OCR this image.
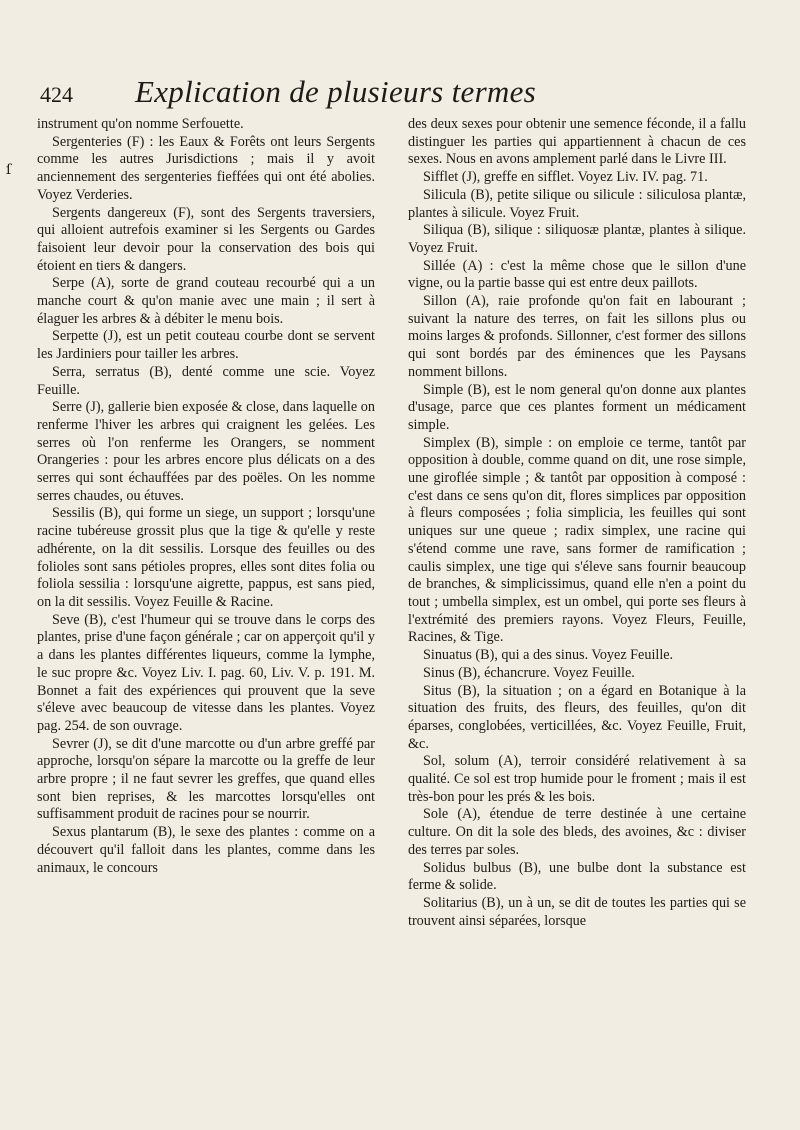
424 Explication de plusieurs termes
ſ

instrument qu'on nomme Serfouette.

Sergenteries (F) : les Eaux & Forêts ont leurs Sergents comme les autres Jurisdictions ; mais il y avoit anciennement des sergenteries fieffées qui ont été abolies. Voyez Verderies.

Sergents dangereux (F), sont des Sergents traversiers, qui alloient autrefois examiner si les Sergents ou Gardes faisoient leur devoir pour la conservation des bois qui étoient en tiers & dangers.

Serpe (A), sorte de grand couteau recourbé qui a un manche court & qu'on manie avec une main ; il sert à élaguer les arbres & à débiter le menu bois.

Serpette (J), est un petit couteau courbe dont se servent les Jardiniers pour tailler les arbres.

Serra, serratus (B), denté comme une scie. Voyez Feuille.

Serre (J), gallerie bien exposée & close, dans laquelle on renferme l'hiver les arbres qui craignent les gelées. Les serres où l'on renferme les Orangers, se nomment Orangeries : pour les arbres encore plus délicats on a des serres qui sont échauffées par des poëles. On les nomme serres chaudes, ou étuves.

Sessilis (B), qui forme un siege, un support ; lorsqu'une racine tubéreuse grossit plus que la tige & qu'elle y reste adhérente, on la dit sessilis. Lorsque des feuilles ou des folioles sont sans pétioles propres, elles sont dites folia ou foliola sessilia : lorsqu'une aigrette, pappus, est sans pied, on la dit sessilis. Voyez Feuille & Racine.

Seve (B), c'est l'humeur qui se trouve dans le corps des plantes, prise d'une façon générale ; car on apperçoit qu'il y a dans les plantes différentes liqueurs, comme la lymphe, le suc propre &c. Voyez Liv. I. pag. 60, Liv. V. p. 191. M. Bonnet a fait des expériences qui prouvent que la seve s'éleve avec beaucoup de vitesse dans les plantes. Voyez pag. 254. de son ouvrage.

Sevrer (J), se dit d'une marcotte ou d'un arbre greffé par approche, lorsqu'on sépare la marcotte ou la greffe de leur arbre propre ; il ne faut sevrer les greffes, que quand elles sont bien reprises, & les marcottes lorsqu'elles ont suffisamment produit de racines pour se nourrir.

Sexus plantarum (B), le sexe des plantes : comme on a découvert qu'il falloit dans les plantes, comme dans les animaux, le concours

des deux sexes pour obtenir une semence féconde, il a fallu distinguer les parties qui appartiennent à chacun de ces sexes. Nous en avons amplement parlé dans le Livre III.

Sifflet (J), greffe en sifflet. Voyez Liv. IV. pag. 71.

Silicula (B), petite silique ou silicule : siliculosa plantæ, plantes à silicule. Voyez Fruit.

Siliqua (B), silique : siliquosæ plantæ, plantes à silique. Voyez Fruit.

Sillée (A) : c'est la même chose que le sillon d'une vigne, ou la partie basse qui est entre deux paillots.

Sillon (A), raie profonde qu'on fait en labourant ; suivant la nature des terres, on fait les sillons plus ou moins larges & profonds. Sillonner, c'est former des sillons qui sont bordés par des éminences que les Paysans nomment billons.

Simple (B), est le nom general qu'on donne aux plantes d'usage, parce que ces plantes forment un médicament simple.

Simplex (B), simple : on emploie ce terme, tantôt par opposition à double, comme quand on dit, une rose simple, une giroflée simple ; & tantôt par opposition à composé : c'est dans ce sens qu'on dit, flores simplices par opposition à fleurs composées ; folia simplicia, les feuilles qui sont uniques sur une queue ; radix simplex, une racine qui s'étend comme une rave, sans former de ramification ; caulis simplex, une tige qui s'éleve sans fournir beaucoup de branches, & simplicissimus, quand elle n'en a point du tout ; umbella simplex, est un ombel, qui porte ses fleurs à l'extrémité des premiers rayons. Voyez Fleurs, Feuille, Racines, & Tige.

Sinuatus (B), qui a des sinus. Voyez Feuille.

Sinus (B), échancrure. Voyez Feuille.

Situs (B), la situation ; on a égard en Botanique à la situation des fruits, des fleurs, des feuilles, qu'on dit éparses, conglobées, verticillées, &c. Voyez Feuille, Fruit, &c.

Sol, solum (A), terroir considéré relativement à sa qualité. Ce sol est trop humide pour le froment ; mais il est très-bon pour les prés & les bois.

Sole (A), étendue de terre destinée à une certaine culture. On dit la sole des bleds, des avoines, &c : diviser des terres par soles.

Solidus bulbus (B), une bulbe dont la substance est ferme & solide.

Solitarius (B), un à un, se dit de toutes les parties qui se trouvent ainsi séparées, lorsque
